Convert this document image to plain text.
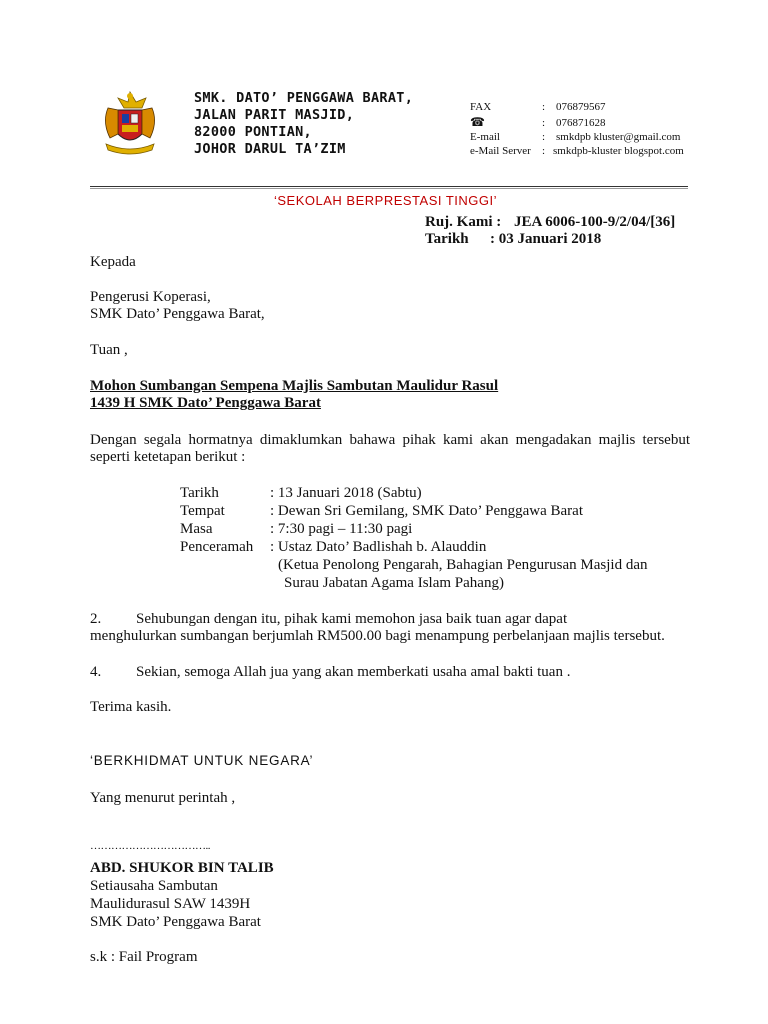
SMK. DATO’ PENGGAWA BARAT,
JALAN PARIT MASJID,
82000 PONTIAN,
JOHOR DARUL TA’ZIM
FAX	: 076879567
☎	: 076871628
E-mail	: smkdpb kluster@gmail.com
e-Mail Server : smkdpb-kluster blogspot.com
‘SEKOLAH BERPRESTASI TINGGI’
Ruj. Kami : JEA 6006-100-9/2/04/[36]
Tarikh : 03 Januari 2018
Kepada
Pengerusi Koperasi,
SMK Dato’ Penggawa Barat,
Tuan ,
Mohon Sumbangan Sempena Majlis Sambutan Maulidur Rasul
1439 H SMK Dato’ Penggawa Barat
Dengan segala hormatnya dimaklumkan bahawa pihak kami akan mengadakan majlis tersebut
seperti ketetapan berikut :
Tarikh	: 13 Januari 2018 (Sabtu)
Tempat	: Dewan Sri Gemilang, SMK Dato’ Penggawa Barat
Masa	: 7:30 pagi – 11:30 pagi
Penceramah : Ustaz Dato’ Badlishah b. Alauddin
(Ketua Penolong Pengarah, Bahagian Pengurusan Masjid dan
Surau Jabatan Agama Islam Pahang)
2. Sehubungan dengan itu, pihak kami memohon jasa baik tuan agar dapat
menghulurkan sumbangan berjumlah RM500.00 bagi menampung perbelanjaan majlis tersebut.
4. Sekian, semoga Allah jua yang akan memberkati usaha amal bakti tuan .
Terima kasih.
‘BERKHIDMAT UNTUK NEGARA’
Yang menurut perintah ,
……………………………..
ABD. SHUKOR BIN TALIB
Setiausaha Sambutan
Maulidurasul SAW 1439H
SMK Dato’ Penggawa Barat
s.k : Fail Program
